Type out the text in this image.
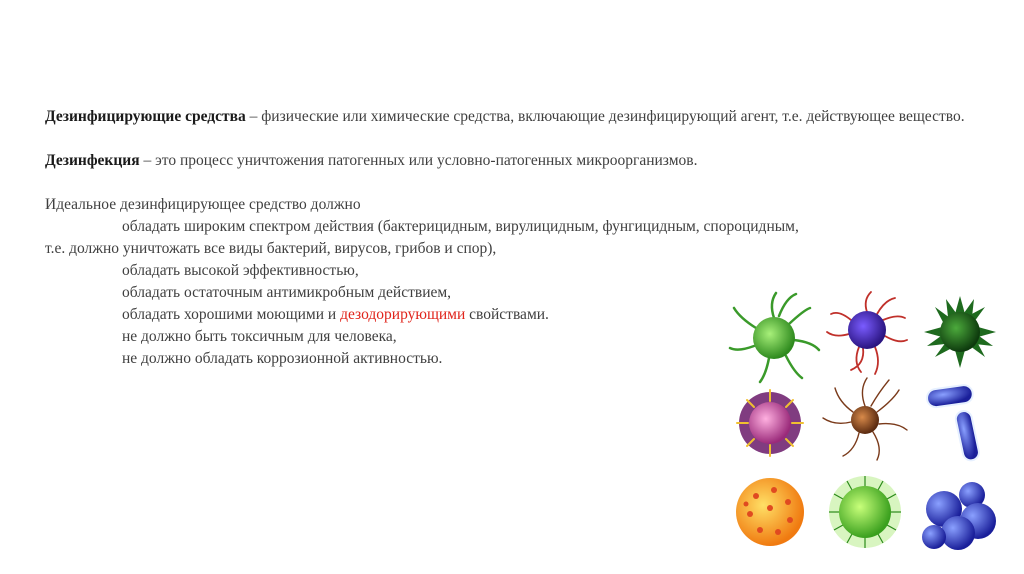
Дезинфицирующие средства – физические или химические средства, включающие дезинфицирующий агент, т.е. действующее вещество.

Дезинфекция – это процесс уничтожения патогенных или условно-патогенных микроорганизмов.

Идеальное дезинфицирующее средство должно

обладать широким спектром действия (бактерицидным, вирулицидным, фунгицидным, спороцидным,

т.е. должно уничтожать все виды бактерий, вирусов, грибов и спор),

обладать высокой эффективностью,

обладать остаточным антимикробным действием,

обладать хорошими моющими и дезодорирующими свойствами.

не должно быть токсичным для человека,

не должно обладать коррозионной активностью.
